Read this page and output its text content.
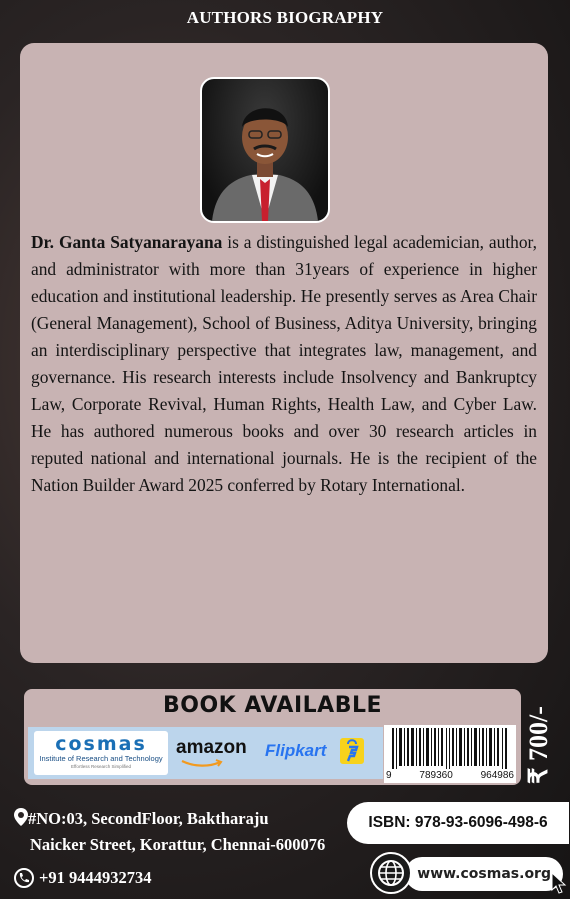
AUTHORS BIOGRAPHY
Dr. Ganta Satyanarayana is a distinguished legal academician, author, and administrator with more than 31years of experience in higher education and institutional leadership. He presently serves as Area Chair (General Management), School of Business, Aditya University, bringing an interdisciplinary perspective that integrates law, management, and governance. His research interests include Insolvency and Bankruptcy Law, Corporate Revival, Human Rights, Health Law, and Cyber Law. He has authored numerous books and over 30 research articles in reputed national and international journals. He is the recipient of the Nation Builder Award 2025 conferred by Rotary International.
BOOK AVAILABLE
cosmas
Institute of Research and Technology
Effortless Research Simplified
amazon Flipkart
9	789360	964986 ₹ 700/-
#NO:03, SecondFloor, Baktharaju
Naicker Street, Korattur, Chennai-600076
ISBN: 978-93-6096-498-6
+91 9444932734	www.cosmas.org
